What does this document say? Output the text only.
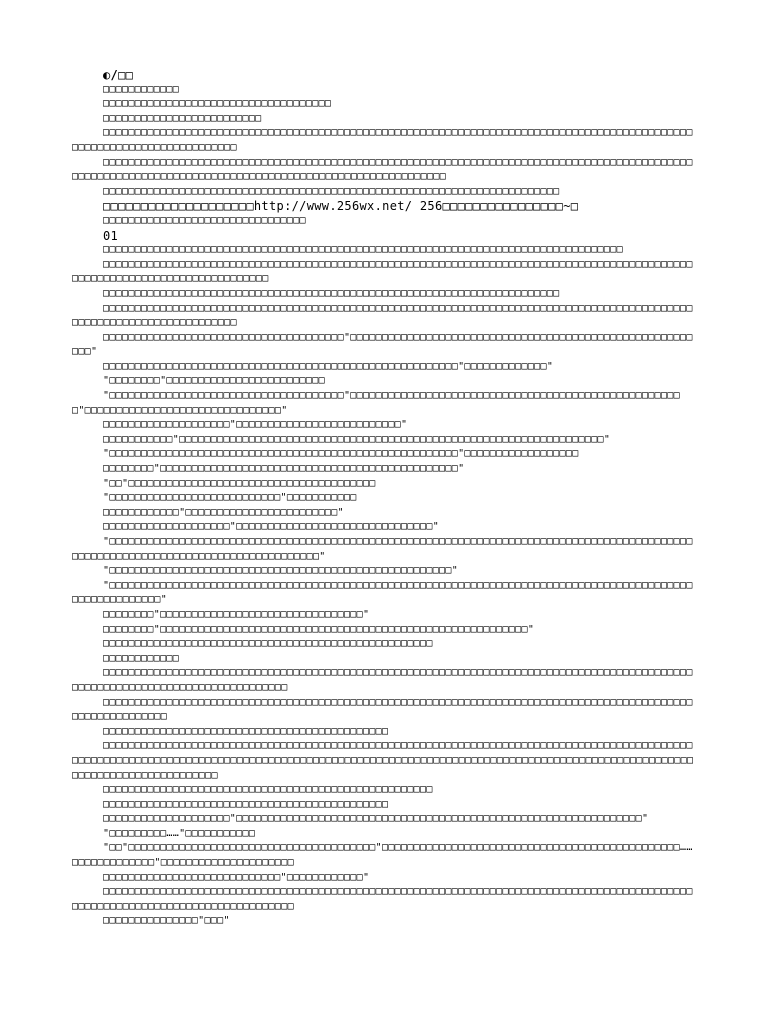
◐/□□
□□□□□□□□□□□□
□□□□□□□□□□□□□□□□□□□□□□□□□□□□□□□□□□□□
□□□□□□□□□□□□□□□□□□□□□□□□□
□□□□□□□□□□□□□□□□□□□□□□□□□□□□□□□□□□□□□□□□□□□□□□□□□□□□□□□□□□□□□□□□□□□□□□□□□□□□□□□□□□□□□□□□□□□□□□□□□□□□□□□□□□□□□□□□□□□□□□□
□□□□□□□□□□□□□□□□□□□□□□□□□□□□□□□□□□□□□□□□□□□□□□□□□□□□□□□□□□□□□□□□□□□□□□□□□□□□□□□□□□□□□□□□□□□□□□□□□□□□□□□□□□□□□□□□□□□□□□□□□□□□□□□□□□□□□□□□□□□□□□□□□□□□□□□□
□□□□□□□□□□□□□□□□□□□□□□□□□□□□□□□□□□□□□□□□□□□□□□□□□□□□□□□□□□□□□□□□□□□□□□□□
□□□□□□□□□□□□□□□□□□□□http://www.256wx.net/ 256□□□□□□□□□□□□□□□□~□
□□□□□□□□□□□□□□□□□□□□□□□□□□□□□□□□
01
□□□□□□□□□□□□□□□□□□□□□□□□□□□□□□□□□□□□□□□□□□□□□□□□□□□□□□□□□□□□□□□□□□□□□□□□□□□□□□□□□□
□□□□□□□□□□□□□□□□□□□□□□□□□□□□□□□□□□□□□□□□□□□□□□□□□□□□□□□□□□□□□□□□□□□□□□□□□□□□□□□□□□□□□□□□□□□□□□□□□□□□□□□□□□□□□□□□□□□□□□□□□□□□
□□□□□□□□□□□□□□□□□□□□□□□□□□□□□□□□□□□□□□□□□□□□□□□□□□□□□□□□□□□□□□□□□□□□□□□□
□□□□□□□□□□□□□□□□□□□□□□□□□□□□□□□□□□□□□□□□□□□□□□□□□□□□□□□□□□□□□□□□□□□□□□□□□□□□□□□□□□□□□□□□□□□□□□□□□□□□□□□□□□□□□□□□□□□□□□□
□□□□□□□□□□□□□□□□□□□□□□□□□□□□□□□□□□□□□□"□□□□□□□□□□□□□□□□□□□□□□□□□□□□□□□□□□□□□□□□□□□□□□□□□□□□□□□□□"
□□□□□□□□□□□□□□□□□□□□□□□□□□□□□□□□□□□□□□□□□□□□□□□□□□□□□□□□"□□□□□□□□□□□□□"
"□□□□□□□□"□□□□□□□□□□□□□□□□□□□□□□□□□
"□□□□□□□□□□□□□□□□□□□□□□□□□□□□□□□□□□□□□"□□□□□□□□□□□□□□□□□□□□□□□□□□□□□□□□□□□□□□□□□□□□□□□□□□□□□"□□□□□□□□□□□□□□□□□□□□□□□□□□□□□□□"
□□□□□□□□□□□□□□□□□□□□"□□□□□□□□□□□□□□□□□□□□□□□□□□"
□□□□□□□□□□□"□□□□□□□□□□□□□□□□□□□□□□□□□□□□□□□□□□□□□□□□□□□□□□□□□□□□□□□□□□□□□□□□□□□"
"□□□□□□□□□□□□□□□□□□□□□□□□□□□□□□□□□□□□□□□□□□□□□□□□□□□□□□□"□□□□□□□□□□□□□□□□□□
□□□□□□□□"□□□□□□□□□□□□□□□□□□□□□□□□□□□□□□□□□□□□□□□□□□□□□□□"
"□□"□□□□□□□□□□□□□□□□□□□□□□□□□□□□□□□□□□□□□□□
"□□□□□□□□□□□□□□□□□□□□□□□□□□□"□□□□□□□□□□□
□□□□□□□□□□□□"□□□□□□□□□□□□□□□□□□□□□□□□"
□□□□□□□□□□□□□□□□□□□□"□□□□□□□□□□□□□□□□□□□□□□□□□□□□□□□"
"□□□□□□□□□□□□□□□□□□□□□□□□□□□□□□□□□□□□□□□□□□□□□□□□□□□□□□□□□□□□□□□□□□□□□□□□□□□□□□□□□□□□□□□□□□□□□□□□□□□□□□□□□□□□□□□□□□□□□□□□□□□□□□□□□□□"
"□□□□□□□□□□□□□□□□□□□□□□□□□□□□□□□□□□□□□□□□□□□□□□□□□□□□□□"
"□□□□□□□□□□□□□□□□□□□□□□□□□□□□□□□□□□□□□□□□□□□□□□□□□□□□□□□□□□□□□□□□□□□□□□□□□□□□□□□□□□□□□□□□□□□□□□□□□□□□□□□□□□"
□□□□□□□□"□□□□□□□□□□□□□□□□□□□□□□□□□□□□□□□□"
□□□□□□□□"□□□□□□□□□□□□□□□□□□□□□□□□□□□□□□□□□□□□□□□□□□□□□□□□□□□□□□□□□□"
□□□□□□□□□□□□□□□□□□□□□□□□□□□□□□□□□□□□□□□□□□□□□□□□□□□□
□□□□□□□□□□□□
□□□□□□□□□□□□□□□□□□□□□□□□□□□□□□□□□□□□□□□□□□□□□□□□□□□□□□□□□□□□□□□□□□□□□□□□□□□□□□□□□□□□□□□□□□□□□□□□□□□□□□□□□□□□□□□□□□□□□□□□□□□□□□□
□□□□□□□□□□□□□□□□□□□□□□□□□□□□□□□□□□□□□□□□□□□□□□□□□□□□□□□□□□□□□□□□□□□□□□□□□□□□□□□□□□□□□□□□□□□□□□□□□□□□□□□□□□□□
□□□□□□□□□□□□□□□□□□□□□□□□□□□□□□□□□□□□□□□□□□□□□
□□□□□□□□□□□□□□□□□□□□□□□□□□□□□□□□□□□□□□□□□□□□□□□□□□□□□□□□□□□□□□□□□□□□□□□□□□□□□□□□□□□□□□□□□□□□□□□□□□□□□□□□□□□□□□□□□□□□□□□□□□□□□□□□□□□□□□□□□□□□□□□□□□□□□□□□□□□□□□□□□□□□□□□□□□□□□□□□□□□□□□□□□□□□□□□□□□□□□□□□□□□□□□□□□□□□□□
□□□□□□□□□□□□□□□□□□□□□□□□□□□□□□□□□□□□□□□□□□□□□□□□□□□□
□□□□□□□□□□□□□□□□□□□□□□□□□□□□□□□□□□□□□□□□□□□□□
□□□□□□□□□□□□□□□□□□□□"□□□□□□□□□□□□□□□□□□□□□□□□□□□□□□□□□□□□□□□□□□□□□□□□□□□□□□□□□□□□□□□□"
"□□□□□□□□□……"□□□□□□□□□□□
"□□"□□□□□□□□□□□□□□□□□□□□□□□□□□□□□□□□□□□□□□□"□□□□□□□□□□□□□□□□□□□□□□□□□□□□□□□□□□□□□□□□□□□□□□□……□□□□□□□□□□□□□"□□□□□□□□□□□□□□□□□□□□□
□□□□□□□□□□□□□□□□□□□□□□□□□□□□"□□□□□□□□□□□□"
□□□□□□□□□□□□□□□□□□□□□□□□□□□□□□□□□□□□□□□□□□□□□□□□□□□□□□□□□□□□□□□□□□□□□□□□□□□□□□□□□□□□□□□□□□□□□□□□□□□□□□□□□□□□□□□□□□□□□□□□□□□□□□□□
□□□□□□□□□□□□□□□"□□□"
